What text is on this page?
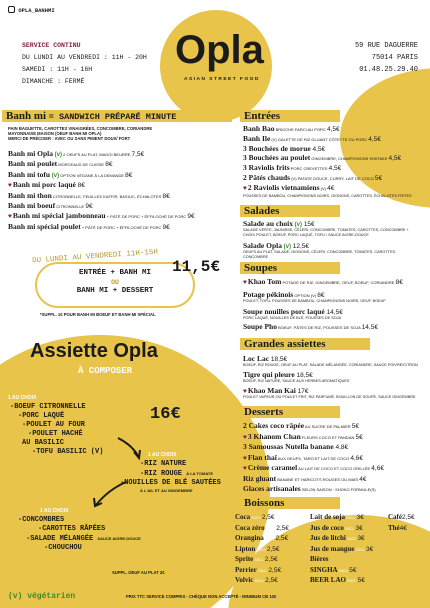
OPLA_BANHMI
SERVICE CONTINU
DU LUNDI AU VENDREDI : 11H - 20H
SAMEDI : 11H - 16H
DIMANCHE : FERMÉ
Opla
ASIAN STREET FOOD
59 RUE DAGUERRE
75014 PARIS
01.48.25.29.40
Banh mi = SANDWICH PRÉPARÉ MINUTE
PAIN BAGUETTE, CAROTTES VINAIGRÉES, CONCOMBRE, CORIANDRE
MAYONNAISE MAISON (OEUF BANH MI OPLA)
MERCI DE PRÉCISER : AVEC OU SANS PIMENT DOUX/ FORT
Banh mi Opla (v) 2 OEUFS AU PLAT, MAGGI BEURRE 7,5€
Banh mi poulet MORCEAUX DE CUISSE 8€
Banh mi tofu (v) OPTION VÉGANE À LA DEMANDE 8€
♥Banh mi porc laqué 8€
Banh mi thon CITRONNELLE, FEUILLES KAFFIR, BASILIC, ÉCHALOTES 8€
Banh mi boeuf CITRONNELLE 9€
♥Banh mi spécial jambonneau + PÂTÉ DE PORC + ÉFFILOCHÉ DE PORC 9€
Banh mi spécial poulet + PÂTÉ DE PORC + ÉFFILOCHÉ DE PORC 9€
DU LUNDI AU VENDREDI 11H-15H
ENTRÉE + BANH MI
OU
BANH MI + DESSERT
11,5€
*SUPPL. 1€ POUR BANH MI BOEUF ET BANH MI SPÉCIAL
Assiette Opla
À COMPOSER
1 AU CHOIX
-BOEUF CITRONNELLE
-PORC LAQUÉ
-POULET AU FOUR
-POULET HACHÉ
AU BASILIC
-TOFU BASILIC (V)
16€
1 AU CHOIX
-RIZ NATURE
-RIZ ROUGE À LA TOMATE
-NOUILLES DE BLÉ SAUTÉES
À L'AIL ET AU GINGEMBRE
1 AU CHOIX
-CONCOMBRES
-CAROTTES RÂPÉES
-SALADE MÉLANGÉE SAUCE AIGRE-DOUCE
-CHOUCHOU
SUPPL. OEUF AU PLAT 2€
Entrées
Banh Bao BRIOCHE FARCI AU PORC 4,5€
Banh Ile (V) GALETTE DE RIZ GLUANT CÔTETTE OU PORC 4,5€
3 Bouchées de morue 4,5€
3 Bouchées au poulet GINGEMBRE, CHAMPIGNONS SHIITAKE 4,5€
3 Raviolis frits PORC CREVETTES 4,5€
2 Pâtés chauds (V) PATATE DOUCE, CURRY, LAIT DE COCO 5€
♥2 Raviolis vietnamiens (V) 4€
POUSSES DE BAMBOU, CHAMPIGNONS NOIRS, OIGNONS, CAROTTES, ÉCHALOTES FRITES
Salades
Salade au choix (v) 15€
SALADE VERTE, JAUNISSE, CÉLERI, CONCOMBRE, TOMATES, CAROTTES, CONCOMBRE + CHOIX POULET, BOEUF, PORC LAQUÉ, TOFU / SAUCE AIGRE-DOUCE
Salade Opla (v) 12,5€
OEUFS AU PLAT, SALADE, OIGNONS, CÉLERI, CONCOMBRE, TOMATES, CAROTTES, CONCOMBRE
Soupes
♥Khao Tom POTAGE DE RIZ, GINGEMBRE, OEUF, BOEUF, CORIANDRE 8€
Potage pékinois OPTION (V) 8€
POULET, TOFU, POUSSES DE BAMBOU, CHAMPIGNONS NOIRS, OEUF, BOEUF
Soupe nouilles porc laqué 14,5€
PORC LAQUÉ, NOUILLES DE BLÉ, POUSSES DE SOJA
Soupe Pho BOEUF, PÂTES DE RIZ, POUSSES DE SOJA 14,5€
Grandes assiettes
Loc Lac 18,5€
BOEUF, RIZ ROUGE, OEUF AU PLAT, SALADE MÉLANGÉE, CORIANDRE, SAUCE POIVRE/CITRON
Tigre qui pleure 18,5€
BOEUF, RIZ NATURE, SAUCE AUX HERBES AROMATIQUES
♥Khao Man Kai 17€
POULET VAPEUR OU POULET FRIT, RIZ PARFUMÉ, BOUILLON DE SOUPE, SAUCE GINGEMBRE
Desserts
2 Cakes coco râpée AU SUCRE DE PALMIER 5€
♥3 Khanom Chan FLEURS COCO ET PANDAN 5€
3 Samoussas Nutella banane 4,8€
♥Flan thaï AUX OEUFS, TARO ET LAIT DE COCO 4,6€
♥Crème caramel AU LAIT DE COCO ET COCO GRILLÉE 4,6€
Riz gluant BANANE ET HARICOTS ROUGES OU MAÏS 4€
Glaces artisanales SELON SAISON · SHOKO FORMULE(S)
Boissons
Coca 33CL 2,5€
Coca zéro 33CL 2,5€
Orangina 33CL 2,5€
Lipton 33CL 2,5€
Sprite 33CL 2,5€
Perrier 33CL 2,5€
Volvic 50CL 2,5€
Lait de soja 25CL 3€
Jus de coco 33CL 3€
Jus de litchi 33CL 3€
Jus de mangue 33CL 3€
Bières
SINGHA 33CL 5€
BEER LAO 33CL 5€
Café2,5€
Thé4€
(v) végétarien	PRIX TTC SERVICE COMPRIS - CHÈQUE NON ACCEPTÉ - MINIMUM CB 10€
